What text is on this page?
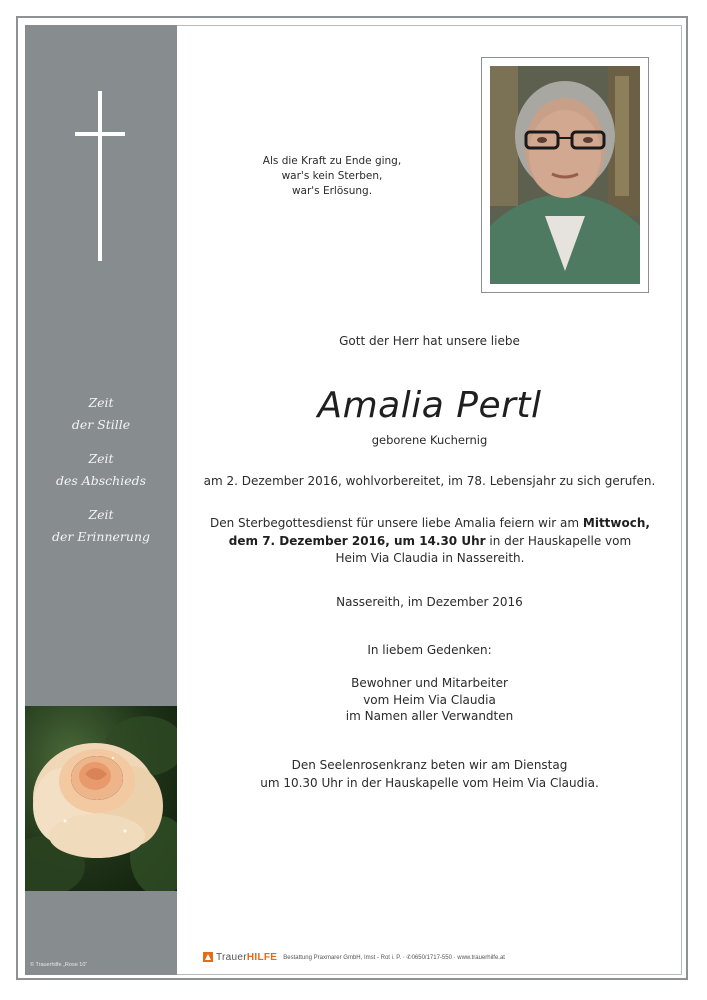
Zeit
der Stille
Zeit
des Abschieds
Zeit
der Erinnerung
© Trauerhilfe „Rose 10“
Als die Kraft zu Ende ging,
war's kein Sterben,
war's Erlösung.
Gott der Herr hat unsere liebe
Amalia Pertl
geborene Kuchernig
am 2. Dezember 2016, wohlvorbereitet, im 78. Lebensjahr zu sich gerufen.
Den Sterbegottesdienst für unsere liebe Amalia feiern wir am Mittwoch,
dem 7. Dezember 2016, um 14.30 Uhr in der Hauskapelle vom
Heim Via Claudia in Nassereith.
Nassereith, im Dezember 2016
In liebem Gedenken:
Bewohner und Mitarbeiter
vom Heim Via Claudia
im Namen aller Verwandten
Den Seelenrosenkranz beten wir am Dienstag
um 10.30 Uhr in der Hauskapelle vom Heim Via Claudia.
TrauerHILFE Bestattung Praxmarer GmbH, Imst - Rot i. P. · ✆0650/1717-550 · www.trauerhilfe.at
